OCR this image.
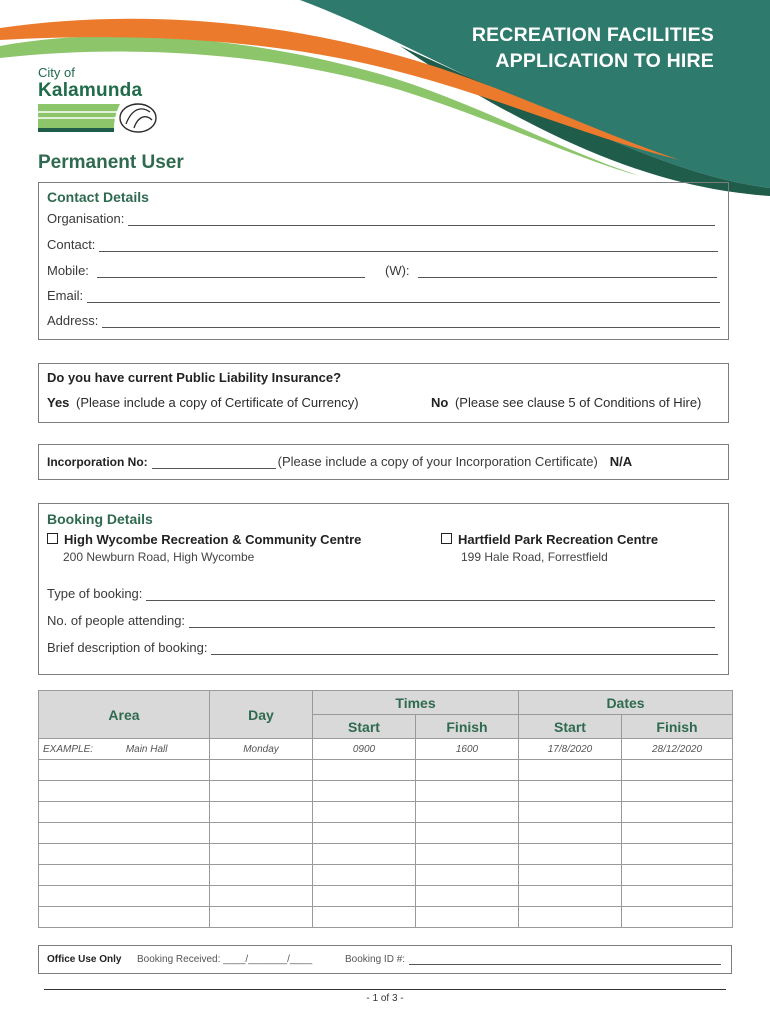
RECREATION FACILITIES
APPLICATION TO HIRE
City of
Kalamunda
Permanent User
Contact Details
Organisation:
Contact:
Mobile:	(W):
Email:
Address:
Do you have current Public Liability Insurance?
Yes (Please include a copy of Certificate of Currency)	No (Please see clause 5 of Conditions of Hire)
Incorporation No:	(Please include a copy of your Incorporation Certificate) N/A
Booking Details
High Wycombe Recreation & Community Centre
200 Newburn Road, High Wycombe
Hartfield Park Recreation Centre
199 Hale Road, Forrestfield
Type of booking:
No. of people attending:
Brief description of booking:
Area	Day	Times		Dates	
		Start	Finish	Start	Finish
EXAMPLE: Main Hall	Monday	0900	1600	17/8/2020	28/12/2020

Office Use Only Booking Received: ____/_______/____	Booking ID #:
- 1 of 3 -
